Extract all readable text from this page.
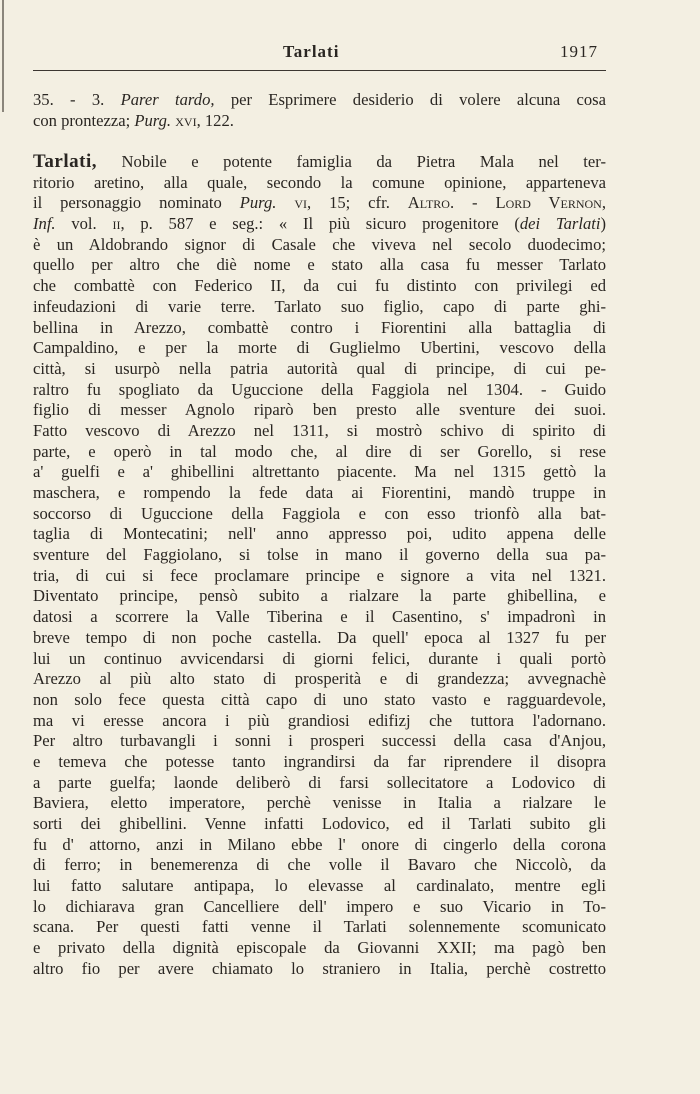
Tarlati	1917
35. - 3. Parer tardo, per Esprimere desiderio di volere alcuna cosa
con prontezza; Purg. xvi, 122.
Tarlati, Nobile e potente famiglia da Pietra Mala nel ter-
ritorio aretino, alla quale, secondo la comune opinione, apparteneva
il personaggio nominato Purg. vi, 15; cfr. Altro. - Lord Vernon,
Inf. vol. ii, p. 587 e seg.: « Il più sicuro progenitore (dei Tarlati)
è un Aldobrando signor di Casale che viveva nel secolo duodecimo;
quello per altro che diè nome e stato alla casa fu messer Tarlato
che combattè con Federico II, da cui fu distinto con privilegi ed
infeudazioni di varie terre. Tarlato suo figlio, capo di parte ghi-
bellina in Arezzo, combattè contro i Fiorentini alla battaglia di
Campaldino, e per la morte di Guglielmo Ubertini, vescovo della
città, si usurpò nella patria autorità qual di principe, di cui pe-
raltro fu spogliato da Uguccione della Faggiola nel 1304. - Guido
figlio di messer Agnolo riparò ben presto alle sventure dei suoi.
Fatto vescovo di Arezzo nel 1311, si mostrò schivo di spirito di
parte, e operò in tal modo che, al dire di ser Gorello, si rese
a' guelfi e a' ghibellini altrettanto piacente. Ma nel 1315 gettò la
maschera, e rompendo la fede data ai Fiorentini, mandò truppe in
soccorso di Uguccione della Faggiola e con esso trionfò alla bat-
taglia di Montecatini; nell' anno appresso poi, udito appena delle
sventure del Faggiolano, si tolse in mano il governo della sua pa-
tria, di cui si fece proclamare principe e signore a vita nel 1321.
Diventato principe, pensò subito a rialzare la parte ghibellina, e
datosi a scorrere la Valle Tiberina e il Casentino, s' impadronì in
breve tempo di non poche castella. Da quell' epoca al 1327 fu per
lui un continuo avvicendarsi di giorni felici, durante i quali portò
Arezzo al più alto stato di prosperità e di grandezza; avvegnachè
non solo fece questa città capo di uno stato vasto e ragguardevole,
ma vi eresse ancora i più grandiosi edifizj che tuttora l'adornano.
Per altro turbavangli i sonni i prosperi successi della casa d'Anjou,
e temeva che potesse tanto ingrandirsi da far riprendere il disopra
a parte guelfa; laonde deliberò di farsi sollecitatore a Lodovico di
Baviera, eletto imperatore, perchè venisse in Italia a rialzare le
sorti dei ghibellini. Venne infatti Lodovico, ed il Tarlati subito gli
fu d' attorno, anzi in Milano ebbe l' onore di cingerlo della corona
di ferro; in benemerenza di che volle il Bavaro che Niccolò, da
lui fatto salutare antipapa, lo elevasse al cardinalato, mentre egli
lo dichiarava gran Cancelliere dell' impero e suo Vicario in To-
scana. Per questi fatti venne il Tarlati solennemente scomunicato
e privato della dignità episcopale da Giovanni XXII; ma pagò ben
altro fio per avere chiamato lo straniero in Italia, perchè costretto
